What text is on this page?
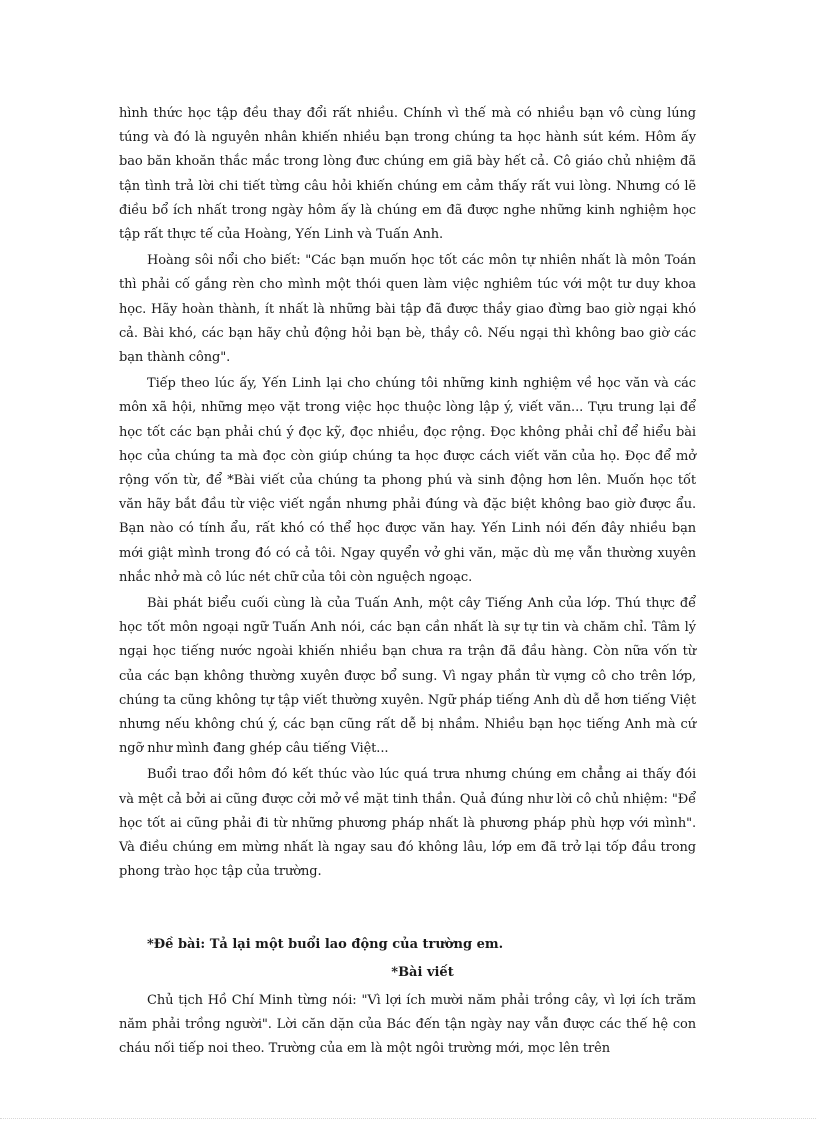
hình thức học tập đều thay đổi rất nhiều. Chính vì thế mà có nhiều bạn vô cùng lúng túng và đó là nguyên nhân khiến nhiều bạn trong chúng ta học hành sút kém. Hôm ấy bao băn khoăn thắc mắc trong lòng đưc chúng em giã bày hết cả. Cô giáo chủ nhiệm đã tận tình trả lời chi tiết từng câu hỏi khiến chúng em cảm thấy rất vui lòng. Nhưng có lẽ điều bổ ích nhất trong ngày hôm ấy là chúng em đã được nghe những kinh nghiệm học tập rất thực tế của Hoàng, Yến Linh và Tuấn Anh.

Hoàng sôi nổi cho biết: "Các bạn muốn học tốt các môn tự nhiên nhất là môn Toán thì phải cố gắng rèn cho mình một thói quen làm việc nghiêm túc với một tư duy khoa học. Hãy hoàn thành, ít nhất là những bài tập đã được thầy giao đừng bao giờ ngại khó cả. Bài khó, các bạn hãy chủ động hỏi bạn bè, thầy cô. Nếu ngại thì không bao giờ các bạn thành công".

Tiếp theo lúc ấy, Yến Linh lại cho chúng tôi những kinh nghiệm về học văn và các môn xã hội, những mẹo vặt trong việc học thuộc lòng lập ý, viết văn... Tựu trung lại để học tốt các bạn phải chú ý đọc kỹ, đọc nhiều, đọc rộng. Đọc không phải chỉ để hiểu bài học của chúng ta mà đọc còn giúp chúng ta học được cách viết văn của họ. Đọc để mở rộng vốn từ, để *Bài viết của chúng ta phong phú và sinh động hơn lên. Muốn học tốt văn hãy bắt đầu từ việc viết ngắn nhưng phải đúng và đặc biệt không bao giờ được ẩu. Bạn nào có tính ẩu, rất khó có thể học được văn hay. Yến Linh nói đến đây nhiều bạn mới giật mình trong đó có cả tôi. Ngay quyển vở ghi văn, mặc dù mẹ vẫn thường xuyên nhắc nhở mà cô lúc nét chữ của tôi còn nguệch ngoạc.

Bài phát biểu cuối cùng là của Tuấn Anh, một cây Tiếng Anh của lớp. Thú thực để học tốt môn ngoại ngữ Tuấn Anh nói, các bạn cần nhất là sự tự tin và chăm chỉ. Tâm lý ngại học tiếng nước ngoài khiến nhiều bạn chưa ra trận đã đầu hàng. Còn nữa vốn từ của các bạn không thường xuyên được bổ sung. Vì ngay phần từ vựng cô cho trên lớp, chúng ta cũng không tự tập viết thường xuyên. Ngữ pháp tiếng Anh dù dễ hơn tiếng Việt nhưng nếu không chú ý, các bạn cũng rất dễ bị nhầm. Nhiều bạn học tiếng Anh mà cứ ngỡ như mình đang ghép câu tiếng Việt...

Buổi trao đổi hôm đó kết thúc vào lúc quá trưa nhưng chúng em chẳng ai thấy đói và mệt cả bởi ai cũng được cởi mở về mặt tinh thần. Quả đúng như lời cô chủ nhiệm: "Để học tốt ai cũng phải đi từ những phương pháp nhất là phương pháp phù hợp với mình". Và điều chúng em mừng nhất là ngay sau đó không lâu, lớp em đã trở lại tốp đầu trong phong trào học tập của trường.

*Đề bài: Tả lại một buổi lao động của trường em.

*Bài viết

Chủ tịch Hồ Chí Minh từng nói: "Vì lợi ích mười năm phải trồng cây, vì lợi ích trăm năm phải trồng người". Lời căn dặn của Bác đến tận ngày nay vẫn được các thế hệ con cháu nối tiếp noi theo. Trường của em là một ngôi trường mới, mọc lên trên
